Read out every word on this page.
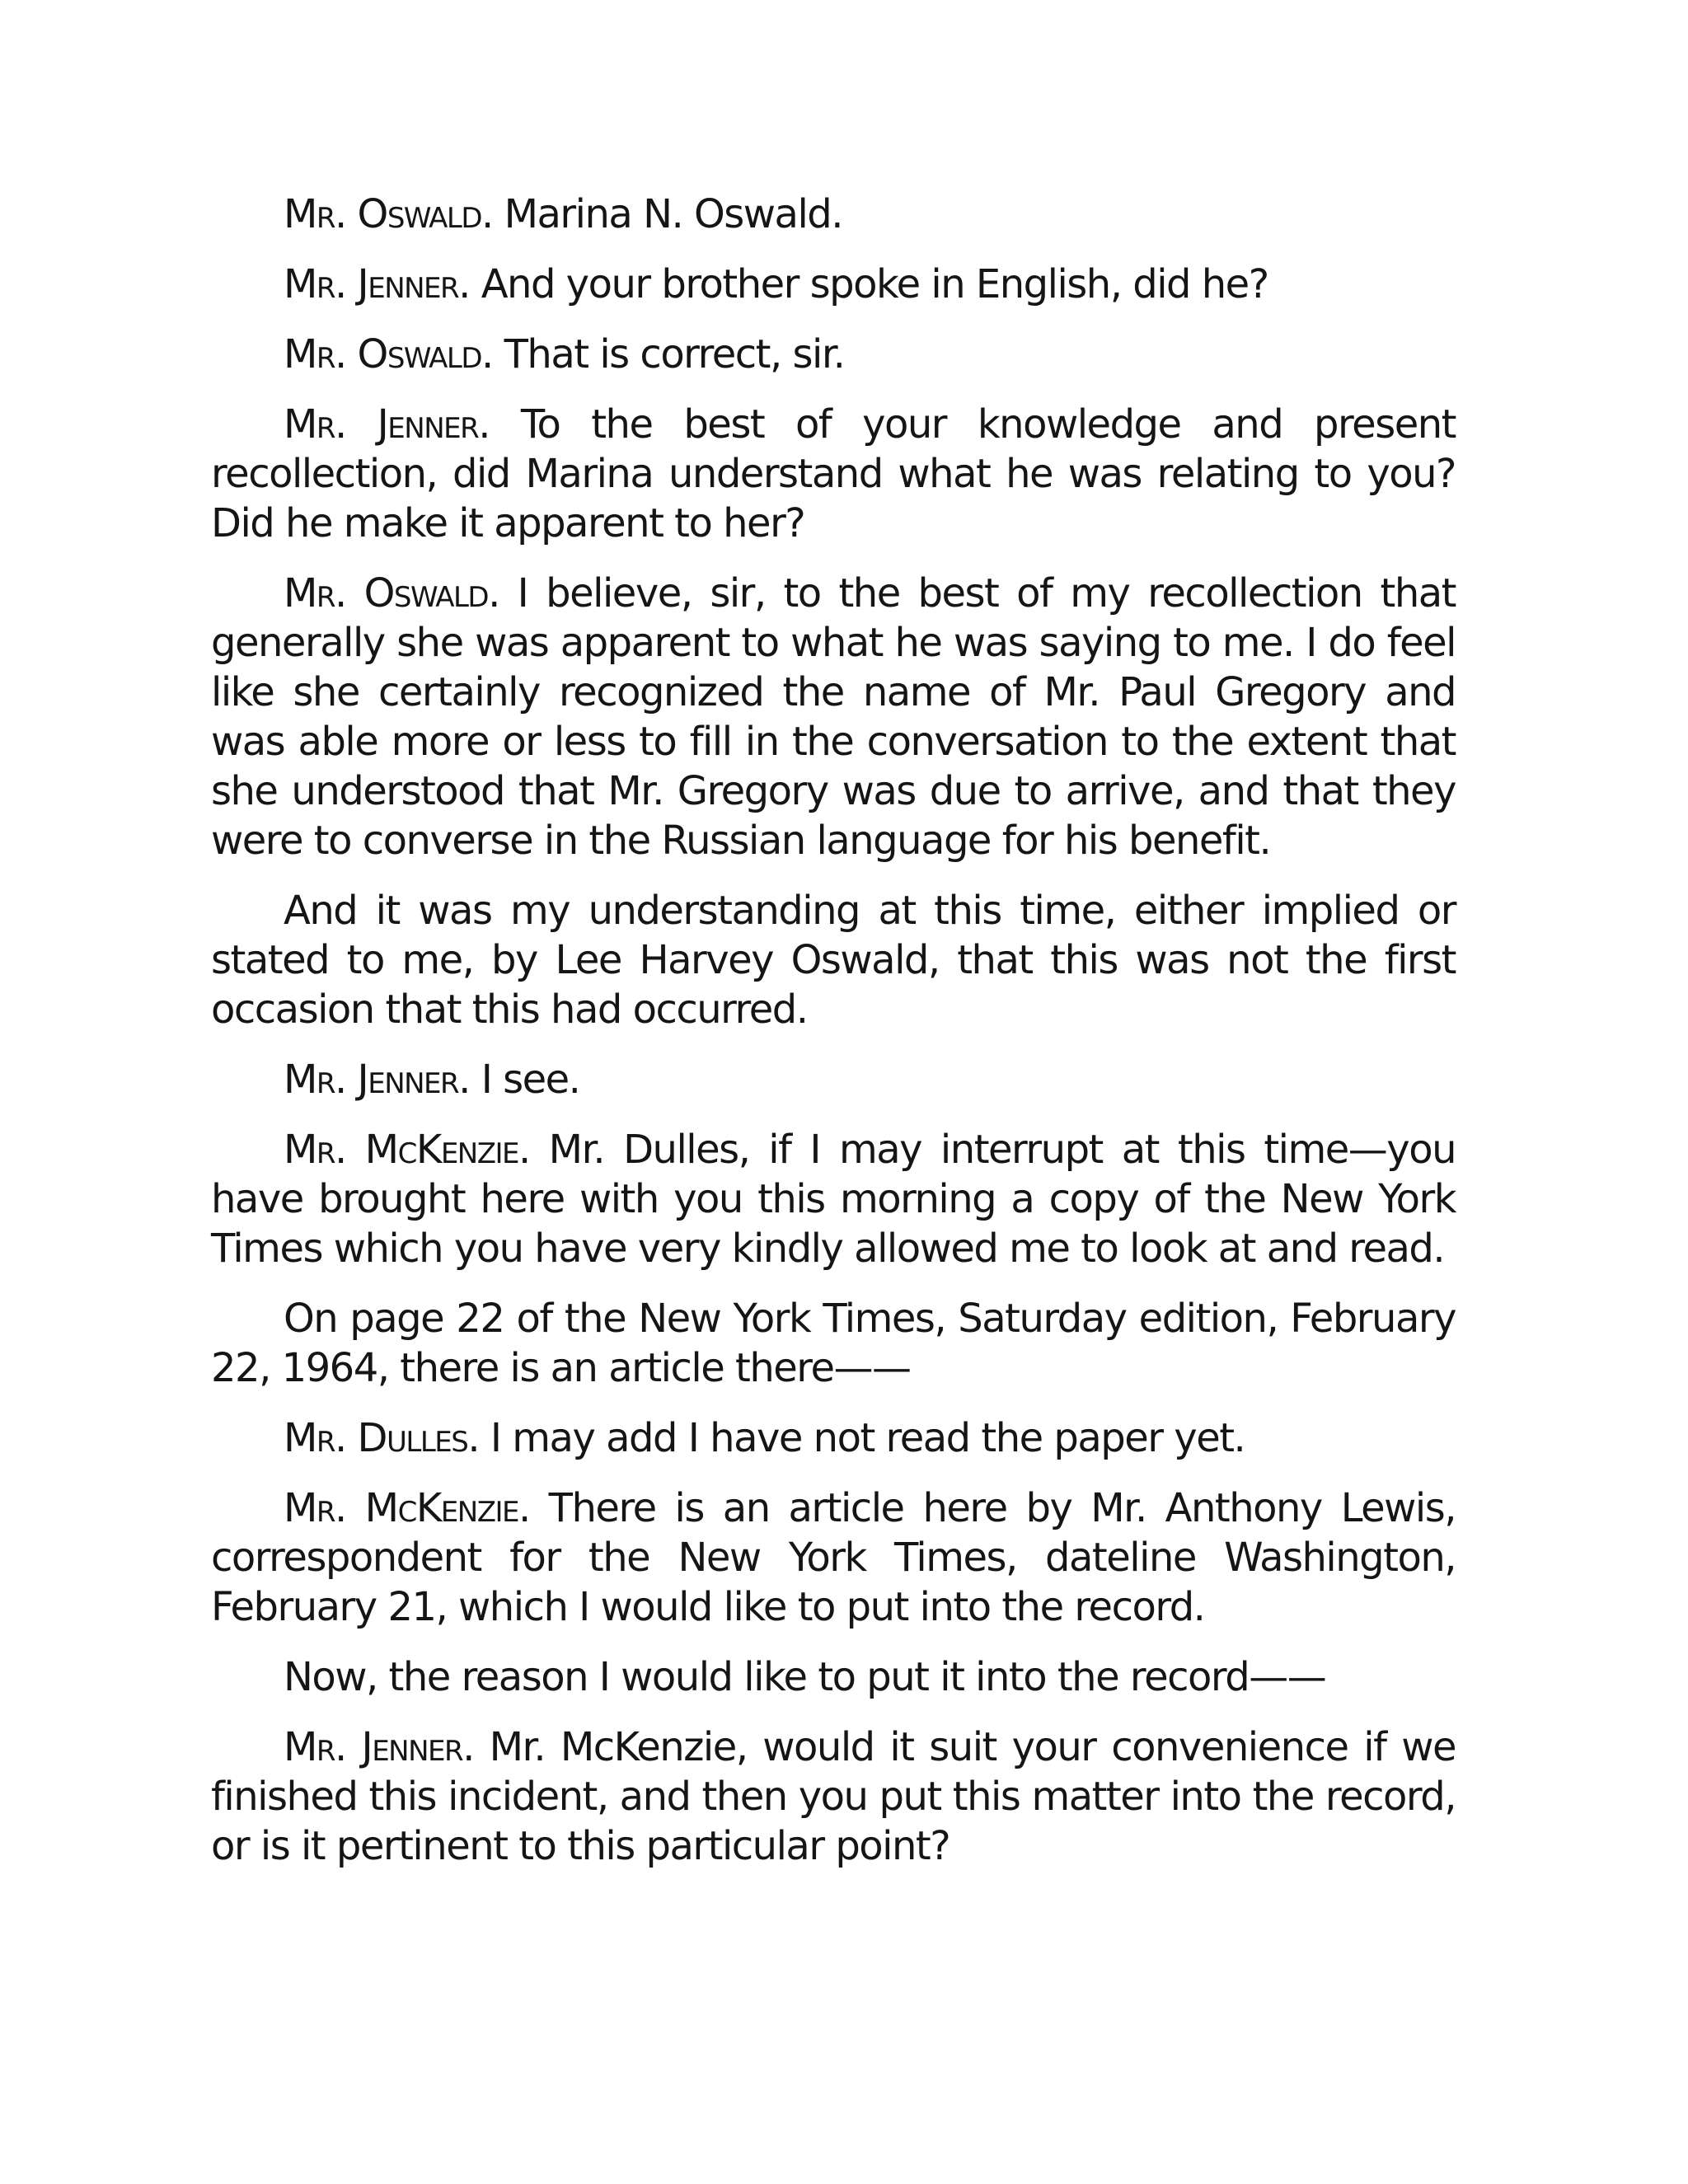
Mr. Oswald. Marina N. Oswald.

Mr. Jenner. And your brother spoke in English, did he?

Mr. Oswald. That is correct, sir.

Mr. Jenner. To the best of your knowledge and present recollection, did Marina understand what he was relating to you? Did he make it apparent to her?

Mr. Oswald. I believe, sir, to the best of my recollection that generally she was apparent to what he was saying to me. I do feel like she certainly recognized the name of Mr. Paul Gregory and was able more or less to fill in the conversation to the extent that she understood that Mr. Gregory was due to arrive, and that they were to converse in the Russian language for his benefit.

And it was my understanding at this time, either implied or stated to me, by Lee Harvey Oswald, that this was not the first occasion that this had occurred.

Mr. Jenner. I see.

Mr. McKenzie. Mr. Dulles, if I may interrupt at this time—you have brought here with you this morning a copy of the New York Times which you have very kindly allowed me to look at and read.

On page 22 of the New York Times, Saturday edition, February 22, 1964, there is an article there——

Mr. Dulles. I may add I have not read the paper yet.

Mr. McKenzie. There is an article here by Mr. Anthony Lewis, correspondent for the New York Times, dateline Washington, February 21, which I would like to put into the record.

Now, the reason I would like to put it into the record——

Mr. Jenner. Mr. McKenzie, would it suit your convenience if we finished this incident, and then you put this matter into the record, or is it pertinent to this particular point?
